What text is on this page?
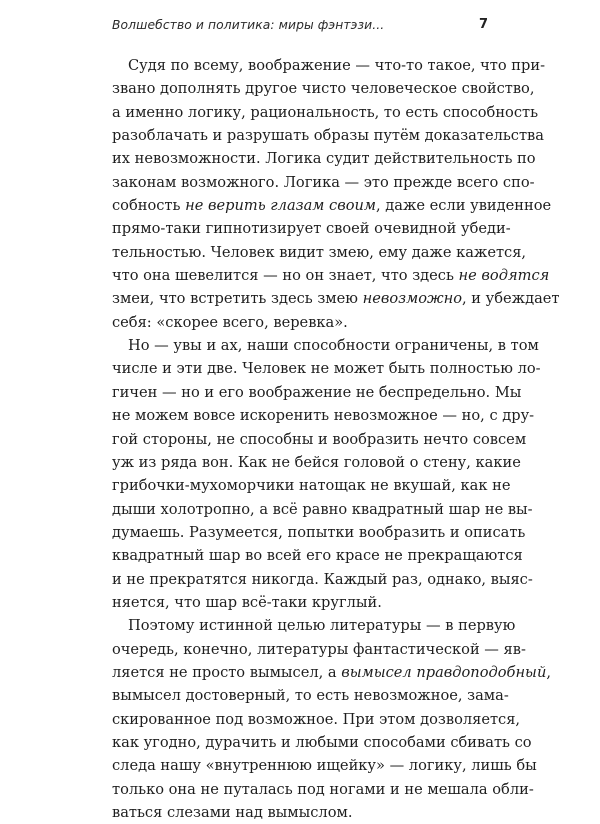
Волшебство и политика: миры фэнтэзи...	7
Судя по всему, воображение — что-то такое, что при-
звано дополнять другое чисто человеческое свойство,
а именно логику, рациональность, то есть способность
разоблачать и разрушать образы путём доказательства
их невозможности. Логика судит действительность по
законам возможного. Логика — это прежде всего спо-
собность не верить глазам своим, даже если увиденное
прямо-таки гипнотизирует своей очевидной убеди-
тельностью. Человек видит змею, ему даже кажется,
что она шевелится — но он знает, что здесь не водятся
змеи, что встретить здесь змею невозможно, и убеждает
себя: «скорее всего, веревка».
Но — увы и ах, наши способности ограничены, в том
числе и эти две. Человек не может быть полностью ло-
гичен — но и его воображение не беспредельно. Мы
не можем вовсе искоренить невозможное — но, с дру-
гой стороны, не способны и вообразить нечто совсем
уж из ряда вон. Как не бейся головой о стену, какие
грибочки-мухоморчики натощак не вкушай, как не
дыши холотропно, а всё равно квадратный шар не вы-
думаешь. Разумеется, попытки вообразить и описать
квадратный шар во всей его красе не прекращаются
и не прекратятся никогда. Каждый раз, однако, выяс-
няется, что шар всё-таки круглый.
Поэтому истинной целью литературы — в первую
очередь, конечно, литературы фантастической — яв-
ляется не просто вымысел, а вымысел правдоподобный,
вымысел достоверный, то есть невозможное, зама-
скированное под возможное. При этом дозволяется,
как угодно, дурачить и любыми способами сбивать со
следа нашу «внутреннюю ищейку» — логику, лишь бы
только она не путалась под ногами и не мешала обли-
ваться слезами над вымыслом.
